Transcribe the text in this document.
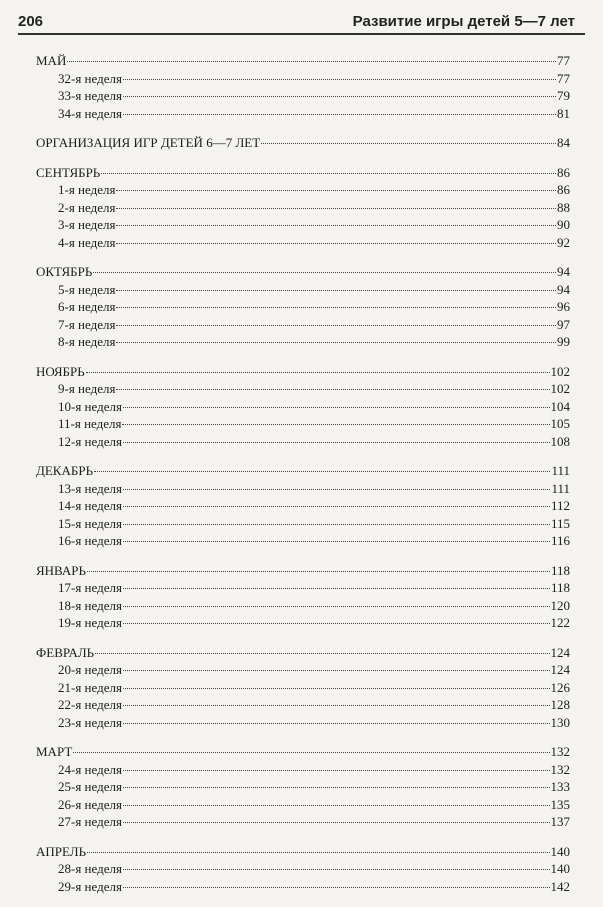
206	Развитие игры детей 5—7 лет
МАЙ	77
32-я неделя	77
33-я неделя	79
34-я неделя	81
ОРГАНИЗАЦИЯ ИГР ДЕТЕЙ 6—7 ЛЕТ	84
СЕНТЯБРЬ	86
1-я неделя	86
2-я неделя	88
3-я неделя	90
4-я неделя	92
ОКТЯБРЬ	94
5-я неделя	94
6-я неделя	96
7-я неделя	97
8-я неделя	99
НОЯБРЬ	102
9-я неделя	102
10-я неделя	104
11-я неделя	105
12-я неделя	108
ДЕКАБРЬ	111
13-я неделя	111
14-я неделя	112
15-я неделя	115
16-я неделя	116
ЯНВАРЬ	118
17-я неделя	118
18-я неделя	120
19-я неделя	122
ФЕВРАЛЬ	124
20-я неделя	124
21-я неделя	126
22-я неделя	128
23-я неделя	130
МАРТ	132
24-я неделя	132
25-я неделя	133
26-я неделя	135
27-я неделя	137
АПРЕЛЬ	140
28-я неделя	140
29-я неделя	142
